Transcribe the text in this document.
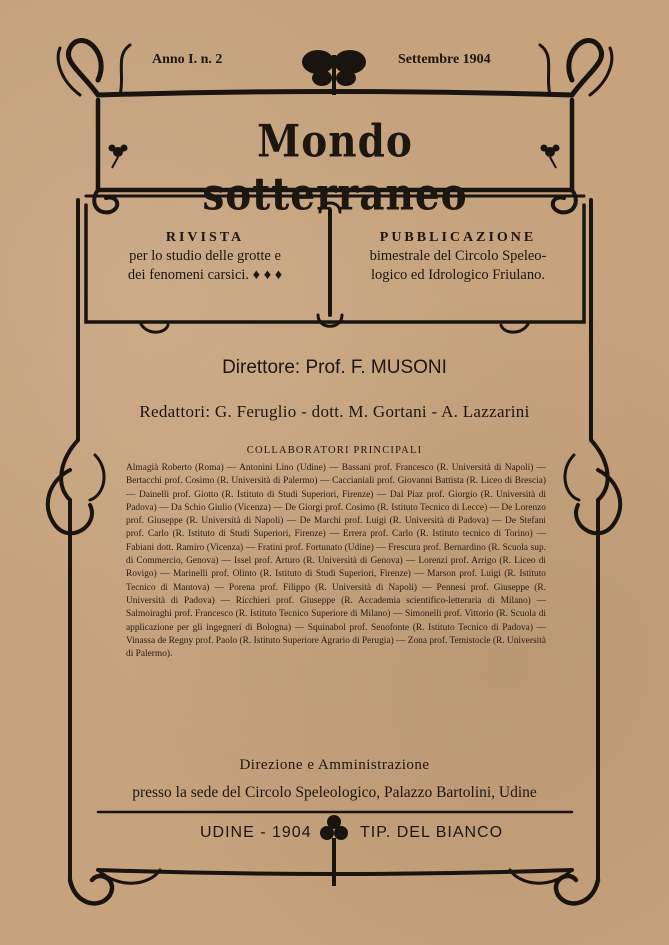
Anno I. n. 2	Settembre 1904
Mondo sotterraneo
RIVISTA
per lo studio delle grotte e
dei fenomeni carsici. ♦ ♦ ♦
PUBBLICAZIONE
bimestrale del Circolo Speleo-
logico ed Idrologico Friulano.
Direttore: Prof. F. MUSONI
Redattori: G. Feruglio - dott. M. Gortani - A. Lazzarini
COLLABORATORI PRINCIPALI
Almagià Roberto (Roma) — Antonini Lino (Udine) — Bassani prof. Francesco (R. Università di Napoli) — Bertacchi prof. Cosimo (R. Università di Palermo) — Caccianiali prof. Giovanni Battista (R. Liceo di Brescia) — Dainelli prof. Giotto (R. Istituto di Studi Superiori, Firenze) — Dal Piaz prof. Giorgio (R. Università di Padova) — Da Schio Giulio (Vicenza) — De Giorgi prof. Cosimo (R. Istituto Tecnico di Lecce) — De Lorenzo prof. Giuseppe (R. Università di Napoli) — De Marchi prof. Luigi (R. Università di Padova) — De Stefani prof. Carlo (R. Istituto di Studi Superiori, Firenze) — Errera prof. Carlo (R. Istituto tecnico di Torino) — Fabiani dott. Ramiro (Vicenza) — Fratini prof. Fortunato (Udine) — Frescura prof. Bernardino (R. Scuola sup. di Commercio, Genova) — Issel prof. Arturo (R. Università di Genova) — Lorenzi prof. Arrigo (R. Liceo di Rovigo) — Marinelli prof. Olinto (R. Istituto di Studi Superiori, Firenze) — Marson prof. Luigi (R. Istituto Tecnico di Mantova) — Porena prof. Filippo (R. Università di Napoli) — Pennesi prof. Giuseppe (R. Università di Padova) — Ricchieri prof. Giuseppe (R. Accademia scientifico-letteraria di Milano) — Salmoiraghi prof. Francesco (R. Istituto Tecnico Superiore di Milano) — Simonelli prof. Vittorio (R. Scuola di applicazione per gli ingegneri di Bologna) — Squinabol prof. Senofonte (R. Istituto Tecnico di Padova) — Vinassa de Regny prof. Paolo (R. Istituto Superiore Agrario di Perugia) — Zona prof. Temistocle (R. Università di Palermo).
Direzione e Amministrazione
presso la sede del Circolo Speleologico, Palazzo Bartolini, Udine
UDINE - 1904	TIP. DEL BIANCO
